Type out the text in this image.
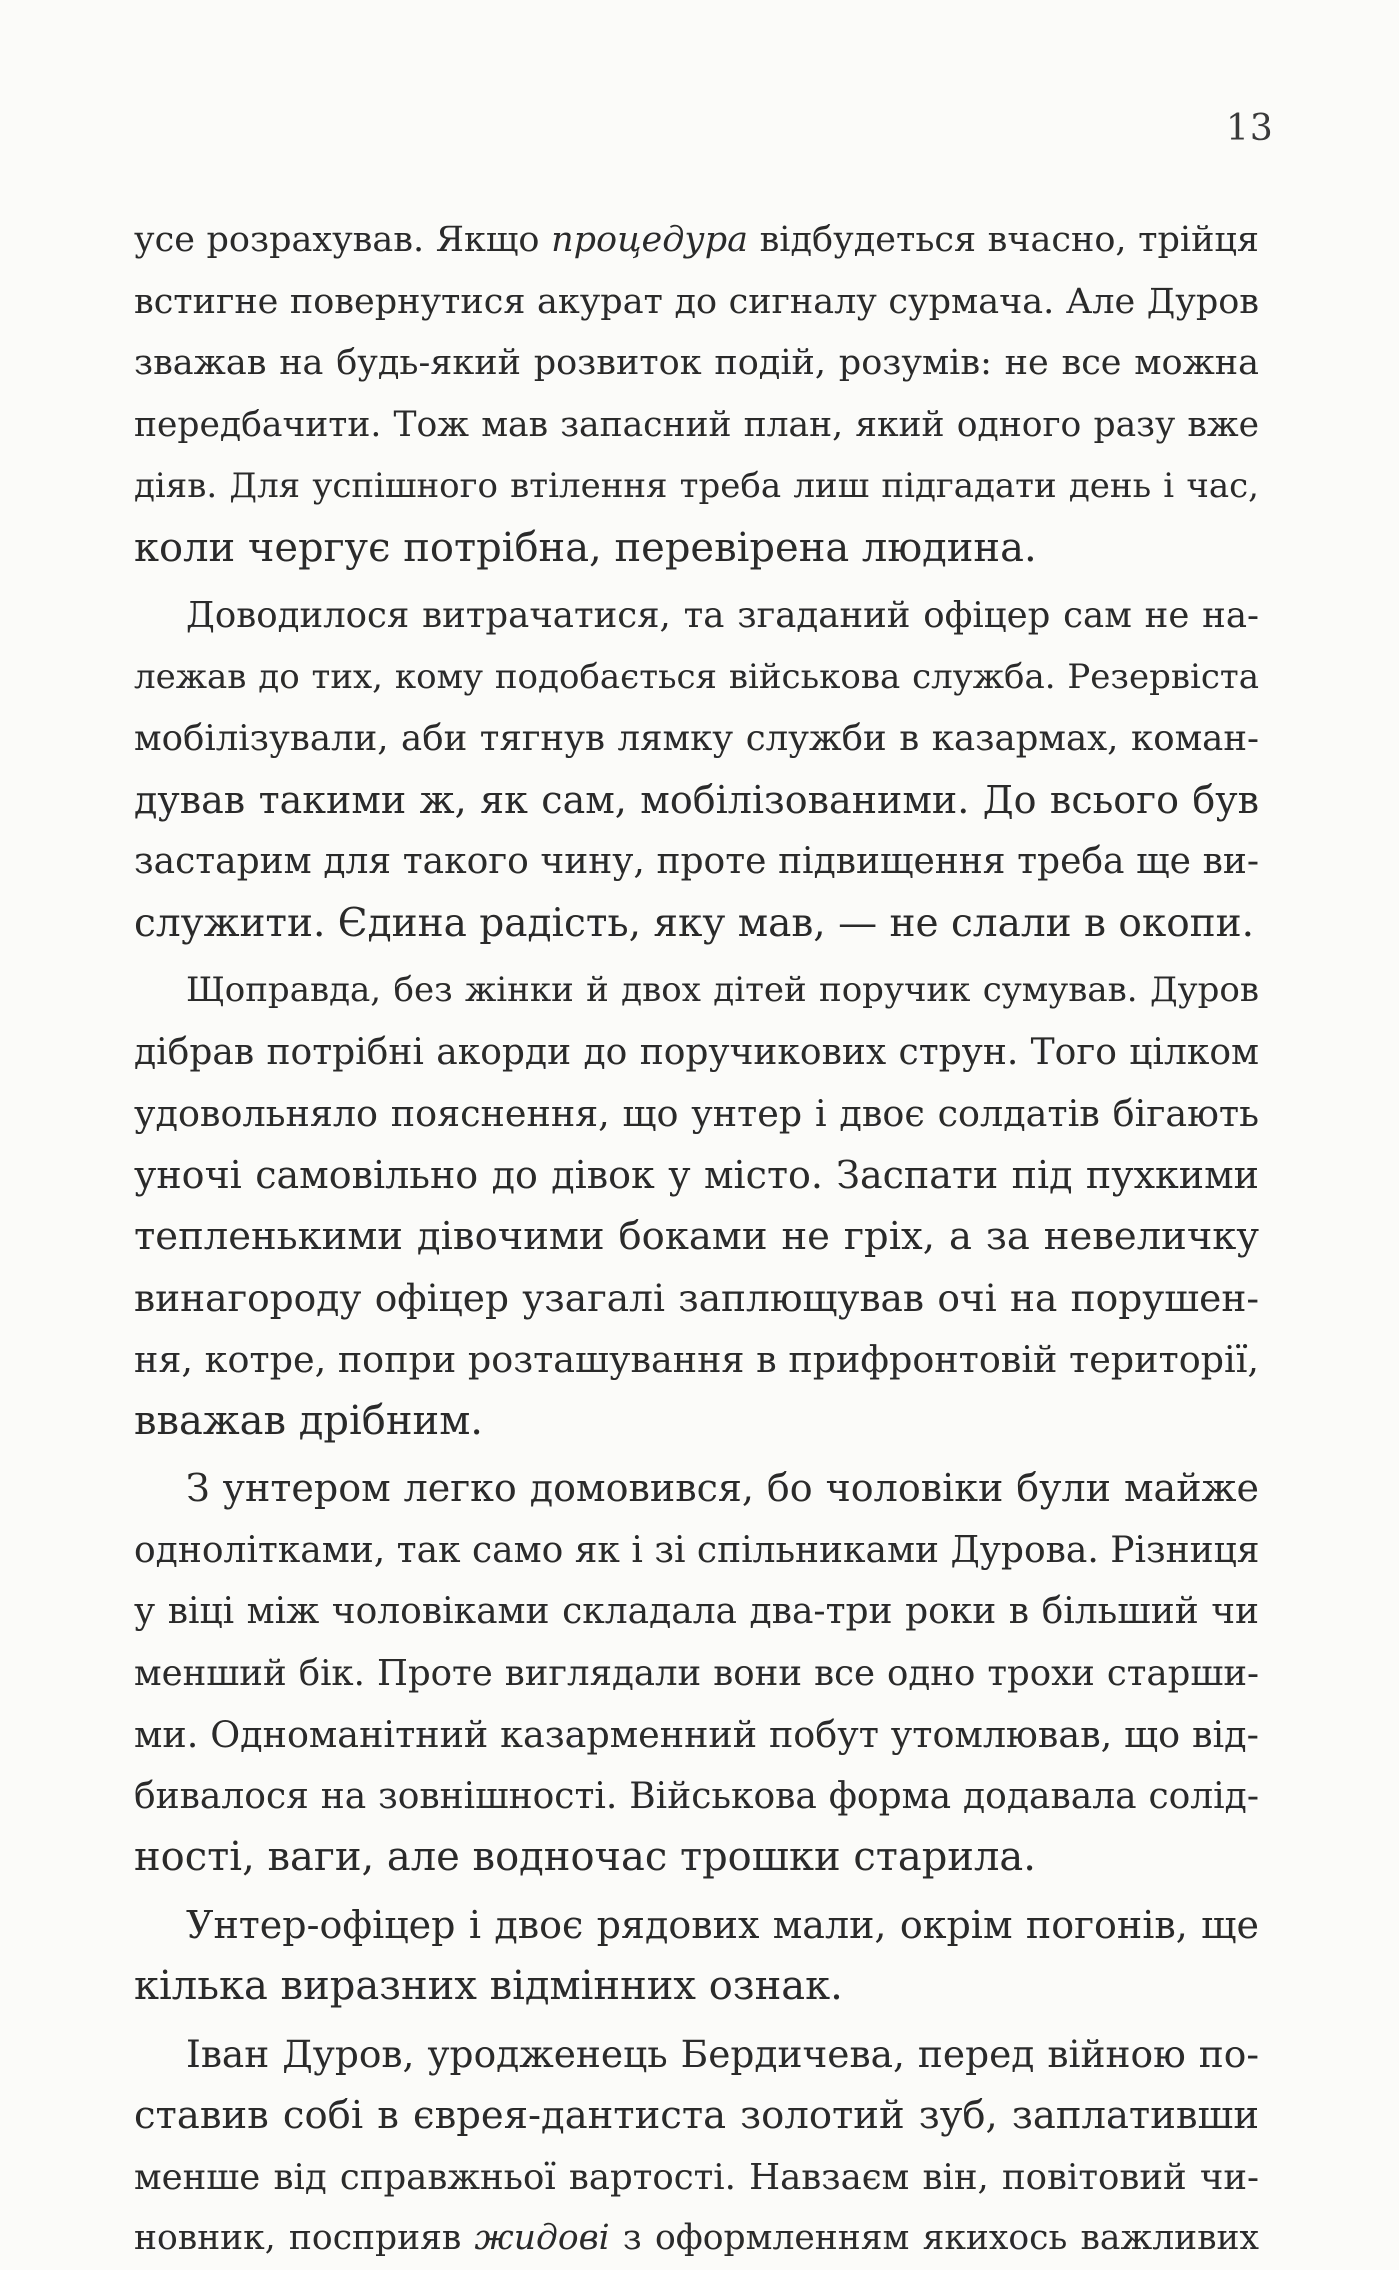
13
усе розрахував. Якщо процедура відбудеться вчасно, трійця
встигне повернутися акурат до сигналу сурмача. Але Дуров
зважав на будь-який розвиток подій, розумів: не все можна
передбачити. Тож мав запасний план, який одного разу вже
діяв. Для успішного втілення треба лиш підгадати день і час,
коли чергує потрібна, перевірена людина.
Доводилося витрачатися, та згаданий офіцер сам не на-
лежав до тих, кому подобається військова служба. Резервіста
мобілізували, аби тягнув лямку служби в казармах, коман-
дував такими ж, як сам, мобілізованими. До всього був
застарим для такого чину, проте підвищення треба ще ви-
служити. Єдина радість, яку мав, — не слали в окопи.
Щоправда, без жінки й двох дітей поручик сумував. Дуров
дібрав потрібні акорди до поручикових струн. Того цілком
удовольняло пояснення, що унтер і двоє солдатів бігають
уночі самовільно до дівок у місто. Заспати під пухкими
тепленькими дівочими боками не гріх, а за невеличку
винагороду офіцер узагалі заплющував очі на порушен-
ня, котре, попри розташування в прифронтовій території,
вважав дрібним.
З унтером легко домовився, бо чоловіки були майже
однолітками, так само як і зі спільниками Дурова. Різниця
у віці між чоловіками складала два-три роки в більший чи
менший бік. Проте виглядали вони все одно трохи старши-
ми. Одноманітний казарменний побут утомлював, що від-
бивалося на зовнішності. Військова форма додавала солід-
ності, ваги, але водночас трошки старила.
Унтер-офіцер і двоє рядових мали, окрім погонів, ще
кілька виразних відмінних ознак.
Іван Дуров, уродженець Бердичева, перед війною по-
ставив собі в єврея-дантиста золотий зуб, заплативши
менше від справжньої вартості. Навзаєм він, повітовий чи-
новник, посприяв жидові з оформленням якихось важливих
